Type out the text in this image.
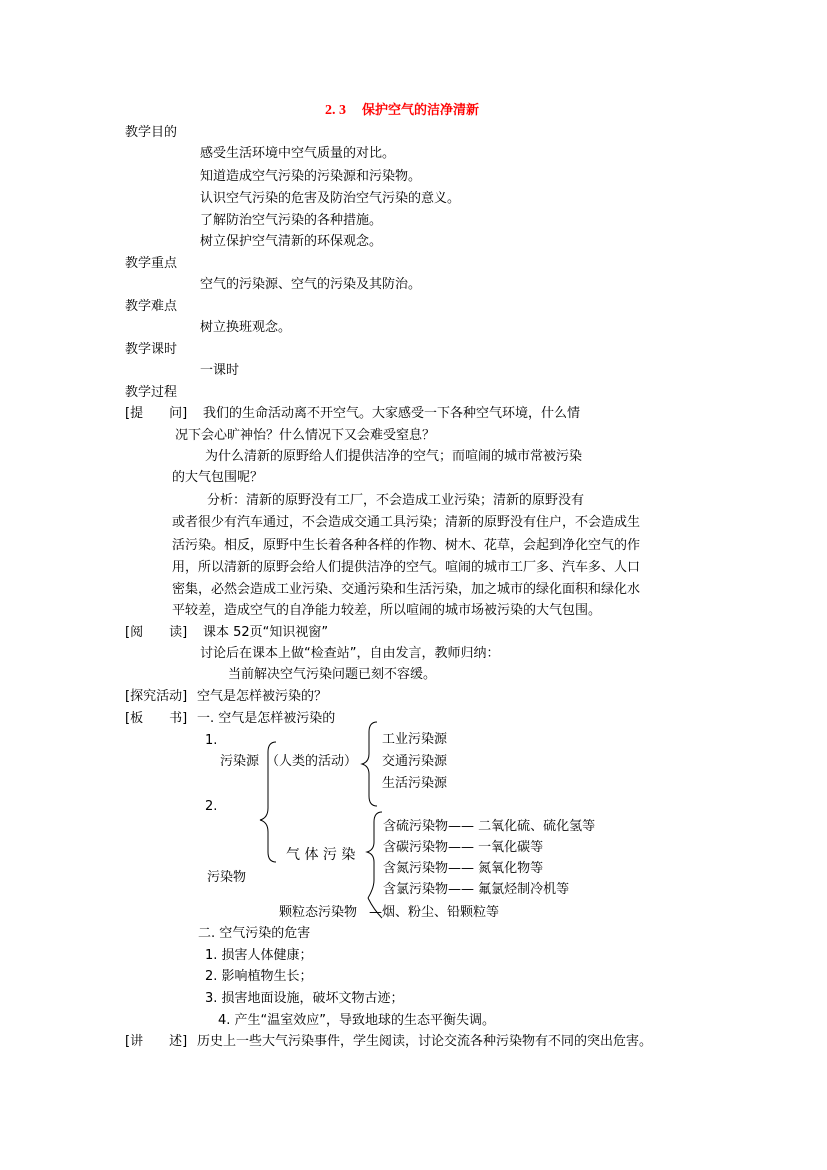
2. 3 保护空气的洁净清新
教学目的
感受生活环境中空气质量的对比。
知道造成空气污染的污染源和污染物。
认识空气污染的危害及防治空气污染的意义。
了解防治空气污染的各种措施。
树立保护空气清新的环保观念。
教学重点
空气的污染源、空气的污染及其防治。
教学难点
树立换班观念。
教学课时
一课时
教学过程
[提　　问] 我们的生命活动离不开空气。大家感受一下各种空气环境，什么情
况下会心旷神怡？什么情况下又会难受窒息？
为什么清新的原野给人们提供洁净的空气；而喧闹的城市常被污染
的大气包围呢？
分析：清新的原野没有工厂，不会造成工业污染；清新的原野没有
或者很少有汽车通过，不会造成交通工具污染；清新的原野没有住户，不会造成生
活污染。相反，原野中生长着各种各样的作物、树木、花草，会起到净化空气的作
用，所以清新的原野会给人们提供洁净的空气。喧闹的城市工厂多、汽车多、人口
密集，必然会造成工业污染、交通污染和生活污染，加之城市的绿化面积和绿化水
平较差，造成空气的自净能力较差，所以喧闹的城市场被污染的大气包围。
[阅　　读] 课本 52页“知识视窗”
讨论后在课本上做“检查站”，自由发言，教师归纳：
当前解决空气污染问题已刻不容缓。
[探究活动] 空气是怎样被污染的？
[板　　书] 一. 空气是怎样被污染的
1.
污染源 （人类的活动）
工业污染源
交通污染源
生活污染源
2.
污染物
气 体 污 染
含硫污染物—— 二氧化硫、硫化氢等
含碳污染物—— 一氧化碳等
含氮污染物—— 氮氧化物等
含氯污染物—— 氟氯烃制冷机等
颗粒态污染物 —烟、粉尘、铅颗粒等
二. 空气污染的危害
1. 损害人体健康；
2. 影响植物生长；
3. 损害地面设施，破坏文物古迹；
4. 产生“温室效应”，导致地球的生态平衡失调。
[讲　　述] 历史上一些大气污染事件，学生阅读，讨论交流各种污染物有不同的突出危害。
